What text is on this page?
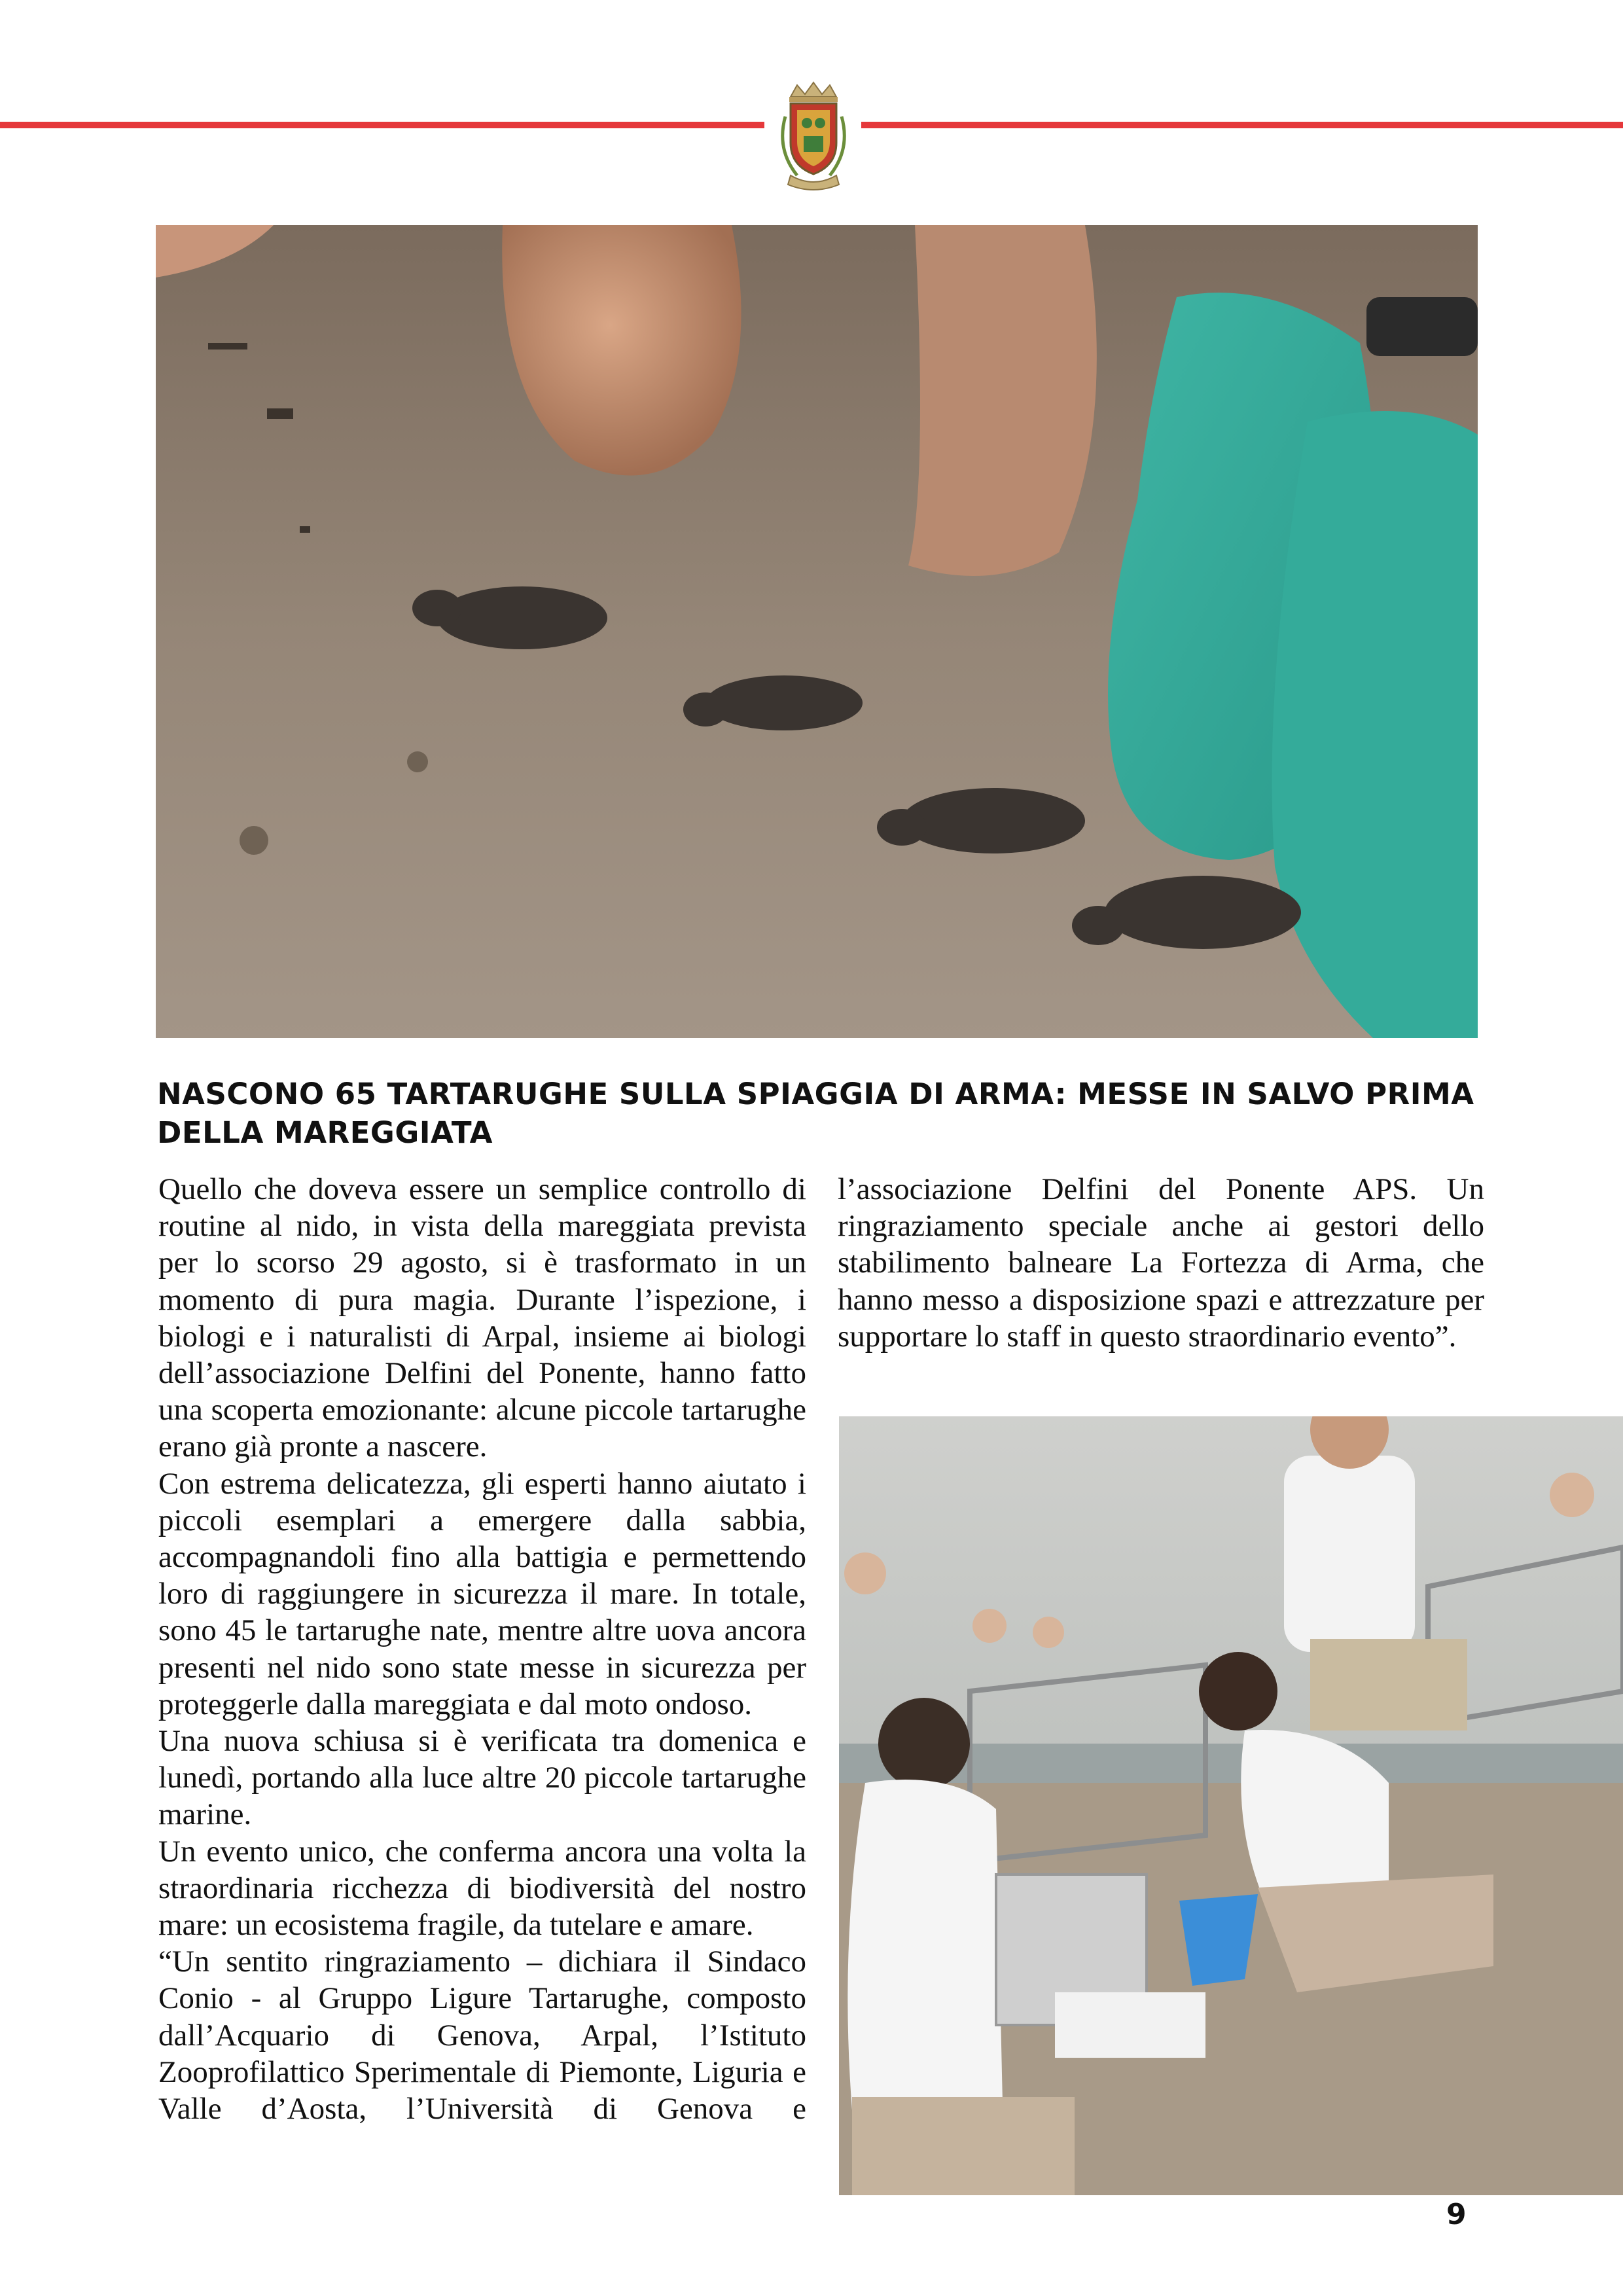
NASCONO 65 TARTARUGHE SULLA SPIAGGIA DI ARMA: MESSE IN SALVO PRIMA DELLA MAREGGIATA

Quello che doveva essere un semplice controllo di routine al nido, in vista della mareggiata prevista per lo scorso 29 agosto, si è trasformato in un momento di pura magia. Durante l’ispezione, i biologi e i naturalisti di Arpal, insieme ai biologi dell’associazione Delfini del Ponente, hanno fatto una scoperta emozionante: alcune piccole tartarughe erano già pronte a nascere.

Con estrema delicatezza, gli esperti hanno aiutato i piccoli esemplari a emergere dalla sabbia, accompagnandoli fino alla battigia e permettendo loro di raggiungere in sicurezza il mare. In totale, sono 45 le tartarughe nate, mentre altre uova ancora presenti nel nido sono state messe in sicurezza per proteggerle dalla mareggiata e dal moto ondoso.

Una nuova schiusa si è verificata tra domenica e lunedì, portando alla luce altre 20 piccole tartarughe marine.

Un evento unico, che conferma ancora una volta la straordinaria ricchezza di biodiversità del nostro mare: un ecosistema fragile, da tutelare e amare.

“Un sentito ringraziamento – dichiara il Sindaco Conio - al Gruppo Ligure Tartarughe, composto dall’Acquario di Genova, Arpal, l’Istituto Zooprofilattico Sperimentale di Piemonte, Liguria e Valle d’Aosta, l’Università di Genova e

l’associazione Delfini del Ponente APS. Un ringraziamento speciale anche ai gestori dello stabilimento balneare La Fortezza di Arma, che hanno messo a disposizione spazi e attrezzature per supportare lo staff in questo straordinario evento”.

9
